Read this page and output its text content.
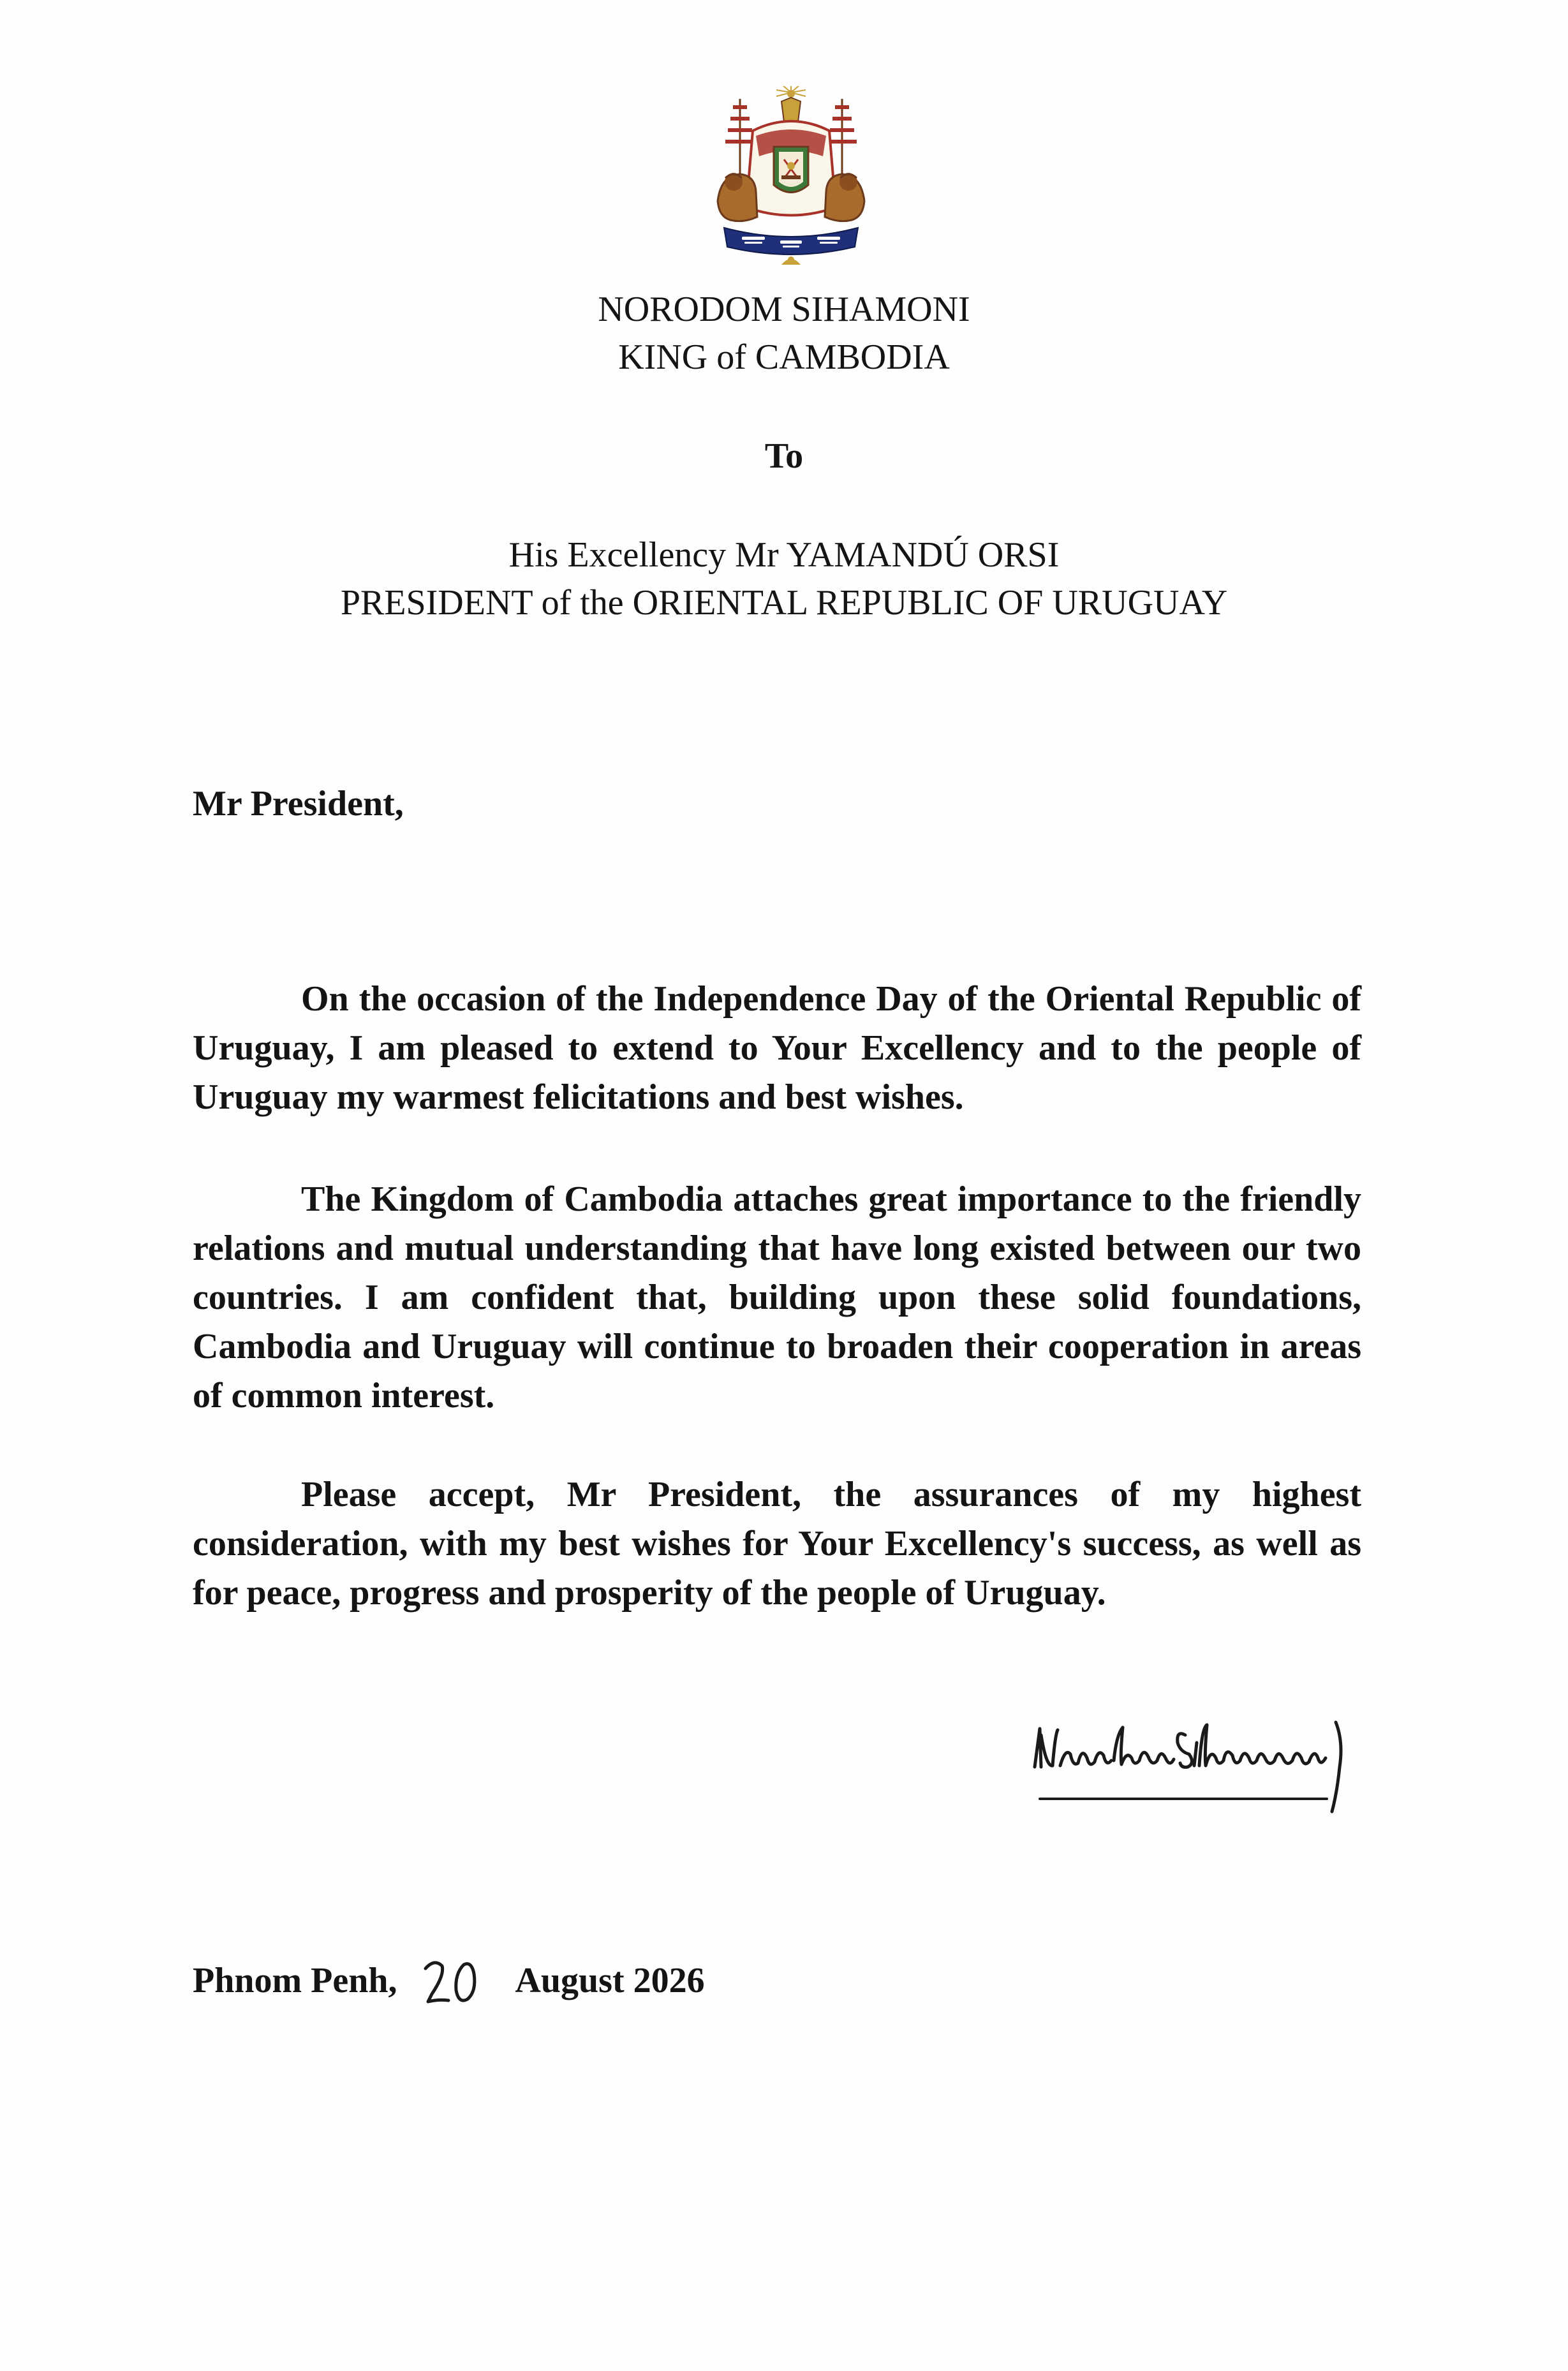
NORODOM SIHAMONI
KING of CAMBODIA
To
His Excellency Mr YAMANDÚ ORSI
PRESIDENT of the ORIENTAL REPUBLIC OF URUGUAY
Mr President,

On the occasion of the Independence Day of the Oriental Republic of Uruguay, I am pleased to extend to Your Excellency and to the people of Uruguay my warmest felicitations and best wishes.

The Kingdom of Cambodia attaches great importance to the friendly relations and mutual understanding that have long existed between our two countries. I am confident that, building upon these solid foundations, Cambodia and Uruguay will continue to broaden their cooperation in areas of common interest.

Please accept, Mr President, the assurances of my highest consideration, with my best wishes for Your Excellency's success, as well as for peace, progress and prosperity of the people of Uruguay.

Phnom Penh,	August 2026
